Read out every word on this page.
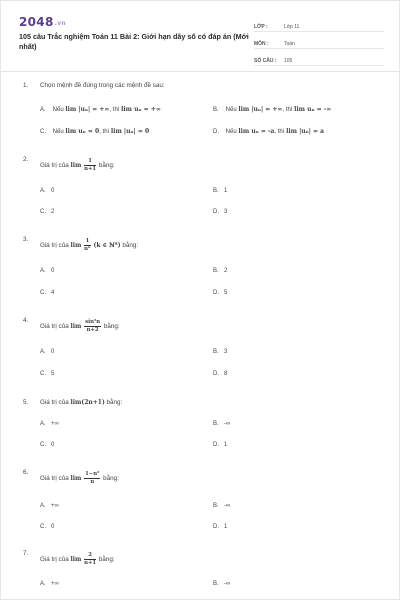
2048.vn
105 câu Trắc nghiệm Toán 11 Bài 2: Giới hạn dãy số có đáp án (Mới nhất)
LỚP :	Lớp 11
MÔN :	Toán
SỐ CÂU :	105
1. Chọn mệnh đề đúng trong các mệnh đề sau:
A. Nếu lim |uₙ| = +∞, thì lim uₙ = +∞	B. Nếu lim |uₙ| = +∞, thì lim uₙ = -∞
C. Nếu lim uₙ = 0, thì lim |uₙ| = 0	D. Nếu lim uₙ = -a, thì lim |uₙ| = a
2.
Giá trị của $\lim \frac{1}{n+1}$ bằng:
A. 0	B. 1
C. 2	D. 3
3.
Giá trị của $\lim \frac{1}{\text{nᵏ}} (k$ ∈ ℕ*) bằng:
A. 0	B. 2
C. 4	D. 5
4.
Giá trị của $\lim \frac{\text{sin²n}}{n+2}$ bằng:
A. 0	B. 3
C. 5	D. 8
5. Giá trị của lim(2n+1) bằng:
A. +∞	B. -∞
C. 0	D. 1
6.
Giá trị của $\lim \frac{\text{1−n²}}{n}$ bằng:
A. +∞	B. -∞
C. 0	D. 1
7.
Giá trị của $\lim \frac{2}{n+1}$ bằng:
A. +∞	B. -∞
